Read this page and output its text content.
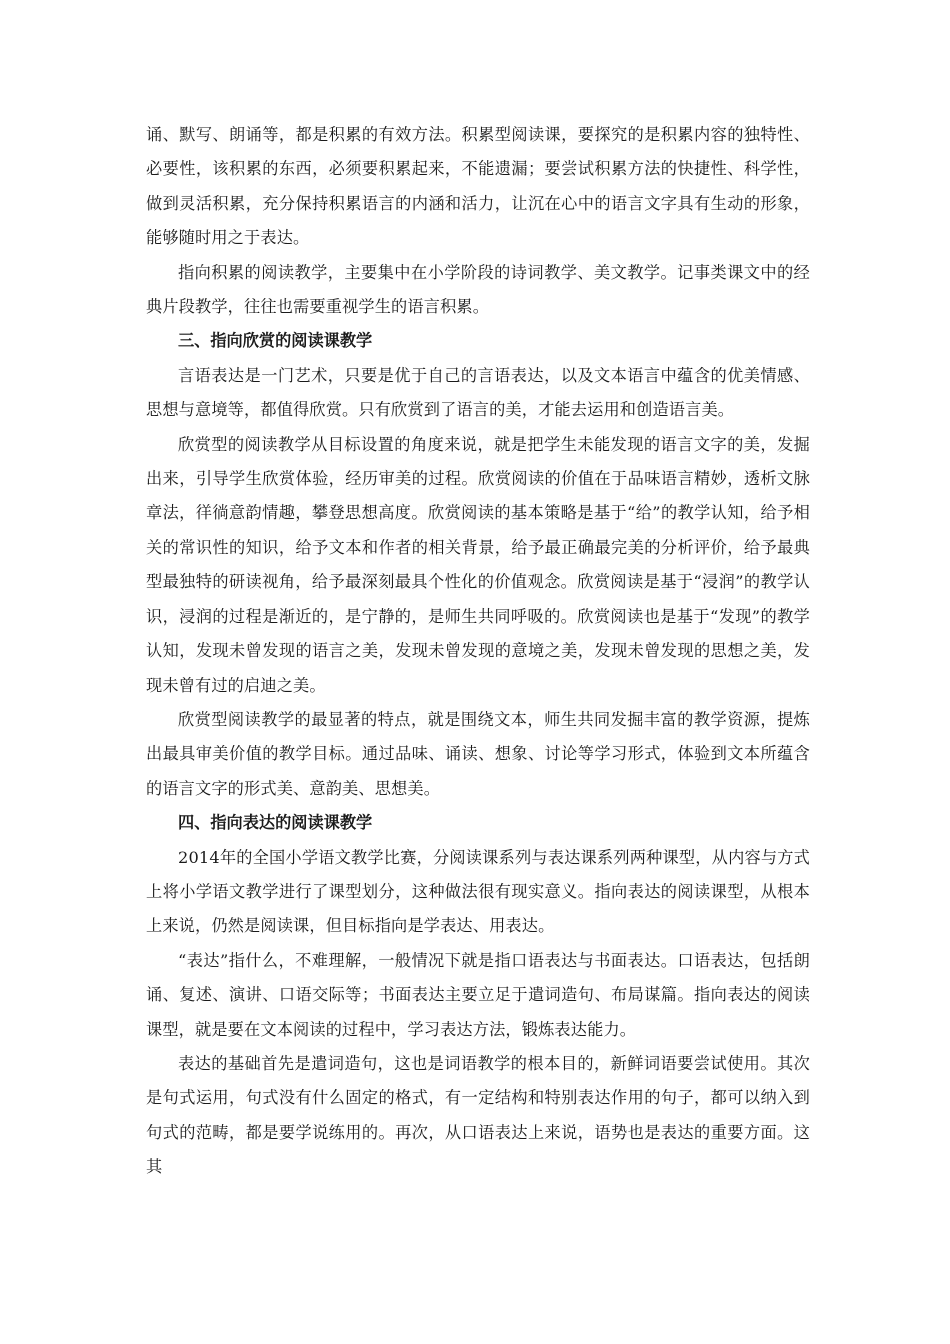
诵、默写、朗诵等，都是积累的有效方法。积累型阅读课，要探究的是积累内容的独特性、必要性，该积累的东西，必须要积累起来，不能遗漏；要尝试积累方法的快捷性、科学性，做到灵活积累，充分保持积累语言的内涵和活力，让沉在心中的语言文字具有生动的形象，能够随时用之于表达。

指向积累的阅读教学，主要集中在小学阶段的诗词教学、美文教学。记事类课文中的经典片段教学，往往也需要重视学生的语言积累。

三、指向欣赏的阅读课教学

言语表达是一门艺术，只要是优于自己的言语表达，以及文本语言中蕴含的优美情感、思想与意境等，都值得欣赏。只有欣赏到了语言的美，才能去运用和创造语言美。

欣赏型的阅读教学从目标设置的角度来说，就是把学生未能发现的语言文字的美，发掘出来，引导学生欣赏体验，经历审美的过程。欣赏阅读的价值在于品味语言精妙，透析文脉章法，徉徜意韵情趣，攀登思想高度。欣赏阅读的基本策略是基于“给”的教学认知，给予相关的常识性的知识，给予文本和作者的相关背景，给予最正确最完美的分析评价，给予最典型最独特的研读视角，给予最深刻最具个性化的价值观念。欣赏阅读是基于“浸润”的教学认识，浸润的过程是渐近的，是宁静的，是师生共同呼吸的。欣赏阅读也是基于“发现”的教学认知，发现未曾发现的语言之美，发现未曾发现的意境之美，发现未曾发现的思想之美，发现未曾有过的启迪之美。

欣赏型阅读教学的最显著的特点，就是围绕文本，师生共同发掘丰富的教学资源，提炼出最具审美价值的教学目标。通过品味、诵读、想象、讨论等学习形式，体验到文本所蕴含的语言文字的形式美、意韵美、思想美。

四、指向表达的阅读课教学

2014年的全国小学语文教学比赛，分阅读课系列与表达课系列两种课型，从内容与方式上将小学语文教学进行了课型划分，这种做法很有现实意义。指向表达的阅读课型，从根本上来说，仍然是阅读课，但目标指向是学表达、用表达。

“表达”指什么，不难理解，一般情况下就是指口语表达与书面表达。口语表达，包括朗诵、复述、演讲、口语交际等；书面表达主要立足于遣词造句、布局谋篇。指向表达的阅读课型，就是要在文本阅读的过程中，学习表达方法，锻炼表达能力。

表达的基础首先是遣词造句，这也是词语教学的根本目的，新鲜词语要尝试使用。其次是句式运用，句式没有什么固定的格式，有一定结构和特别表达作用的句子，都可以纳入到句式的范畴，都是要学说练用的。再次，从口语表达上来说，语势也是表达的重要方面。这其
